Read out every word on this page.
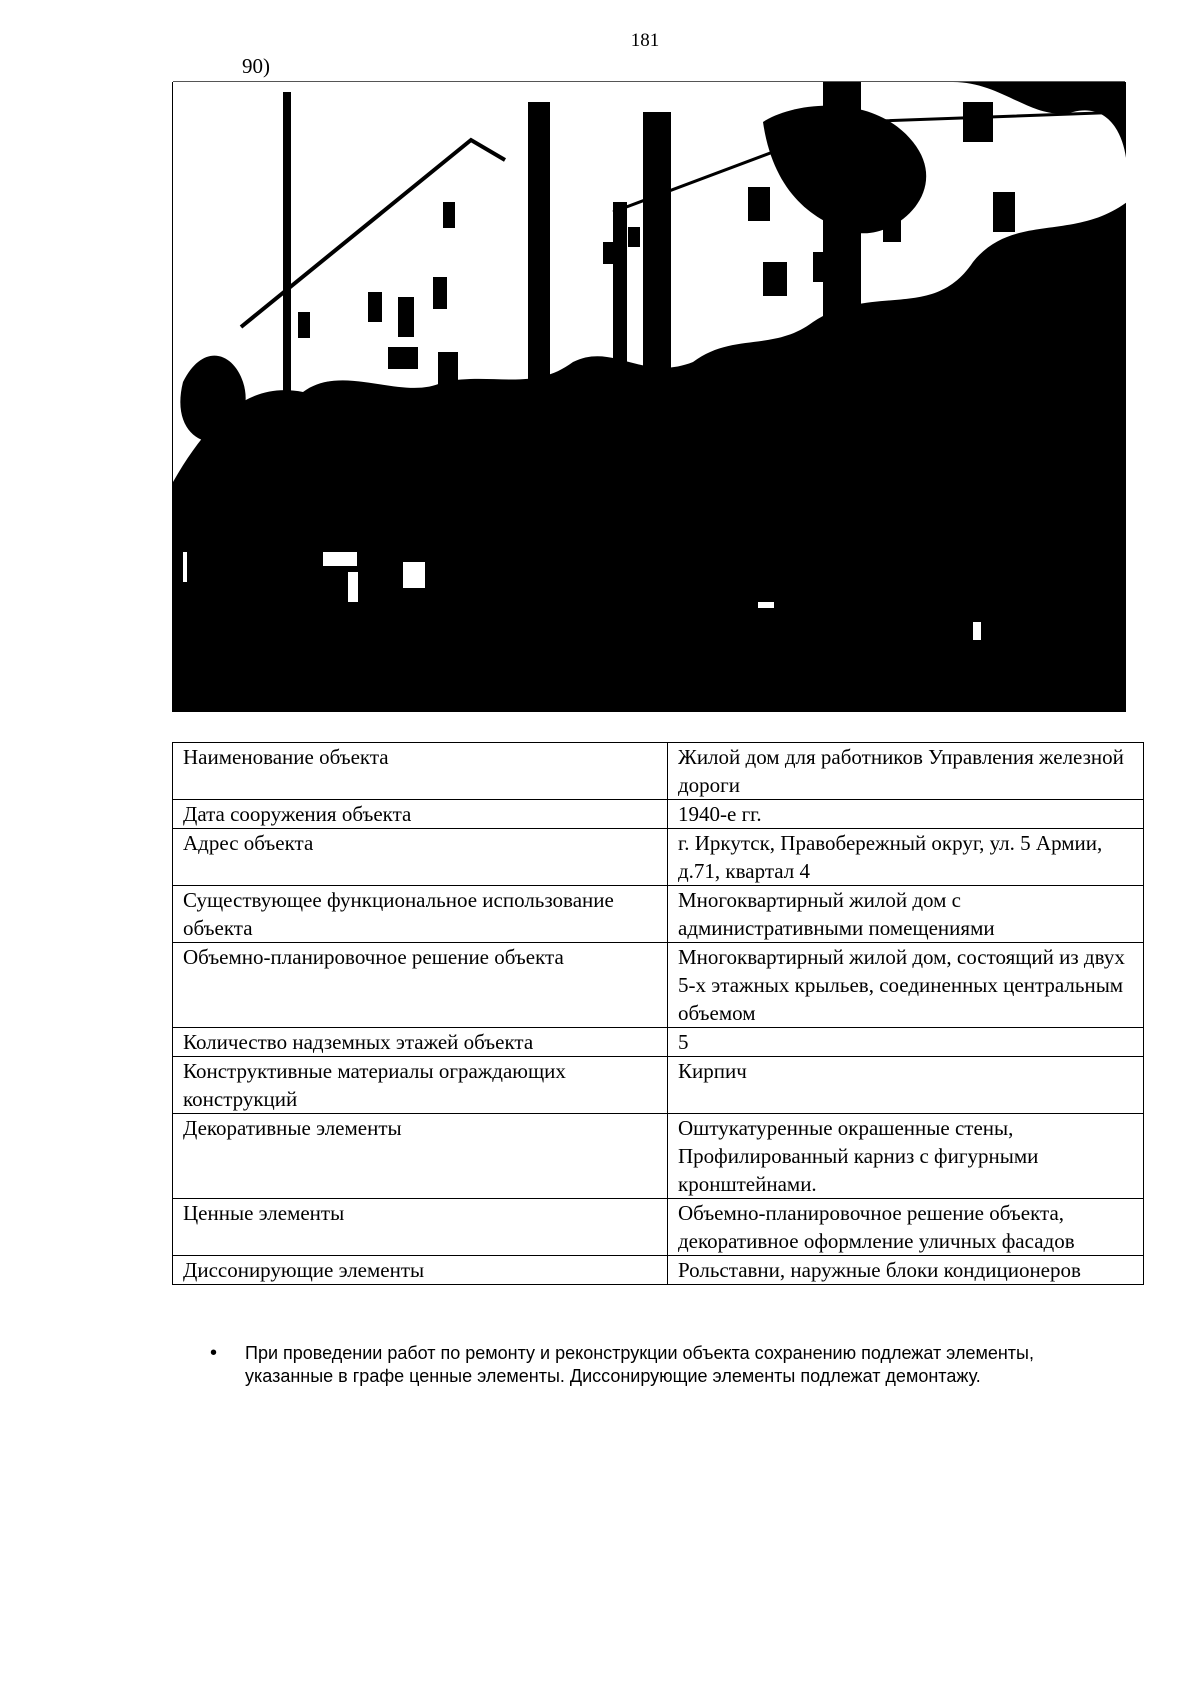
181
90)
Наименование объекта	Жилой дом для работников Управления железной дороги
Дата сооружения объекта	1940-е гг.
Адрес объекта	г. Иркутск, Правобережный округ, ул. 5 Армии, д.71, квартал 4
Существующее функциональное использование объекта	Многоквартирный жилой дом с административными помещениями
Объемно-планировочное решение объекта	Многоквартирный жилой дом, состоящий из двух 5-х этажных крыльев, соединенных центральным объемом
Количество надземных этажей объекта	5
Конструктивные материалы ограждающих конструкций	Кирпич
Декоративные элементы	Оштукатуренные окрашенные стены, Профилированный карниз с фигурными кронштейнами.
Ценные элементы	Объемно-планировочное решение объекта, декоративное оформление уличных фасадов
Диссонирующие элементы	Рольставни, наружные блоки кондиционеров
•	При проведении работ по ремонту и реконструкции объекта сохранению подлежат элементы, указанные в графе ценные элементы. Диссонирующие элементы подлежат демонтажу.
